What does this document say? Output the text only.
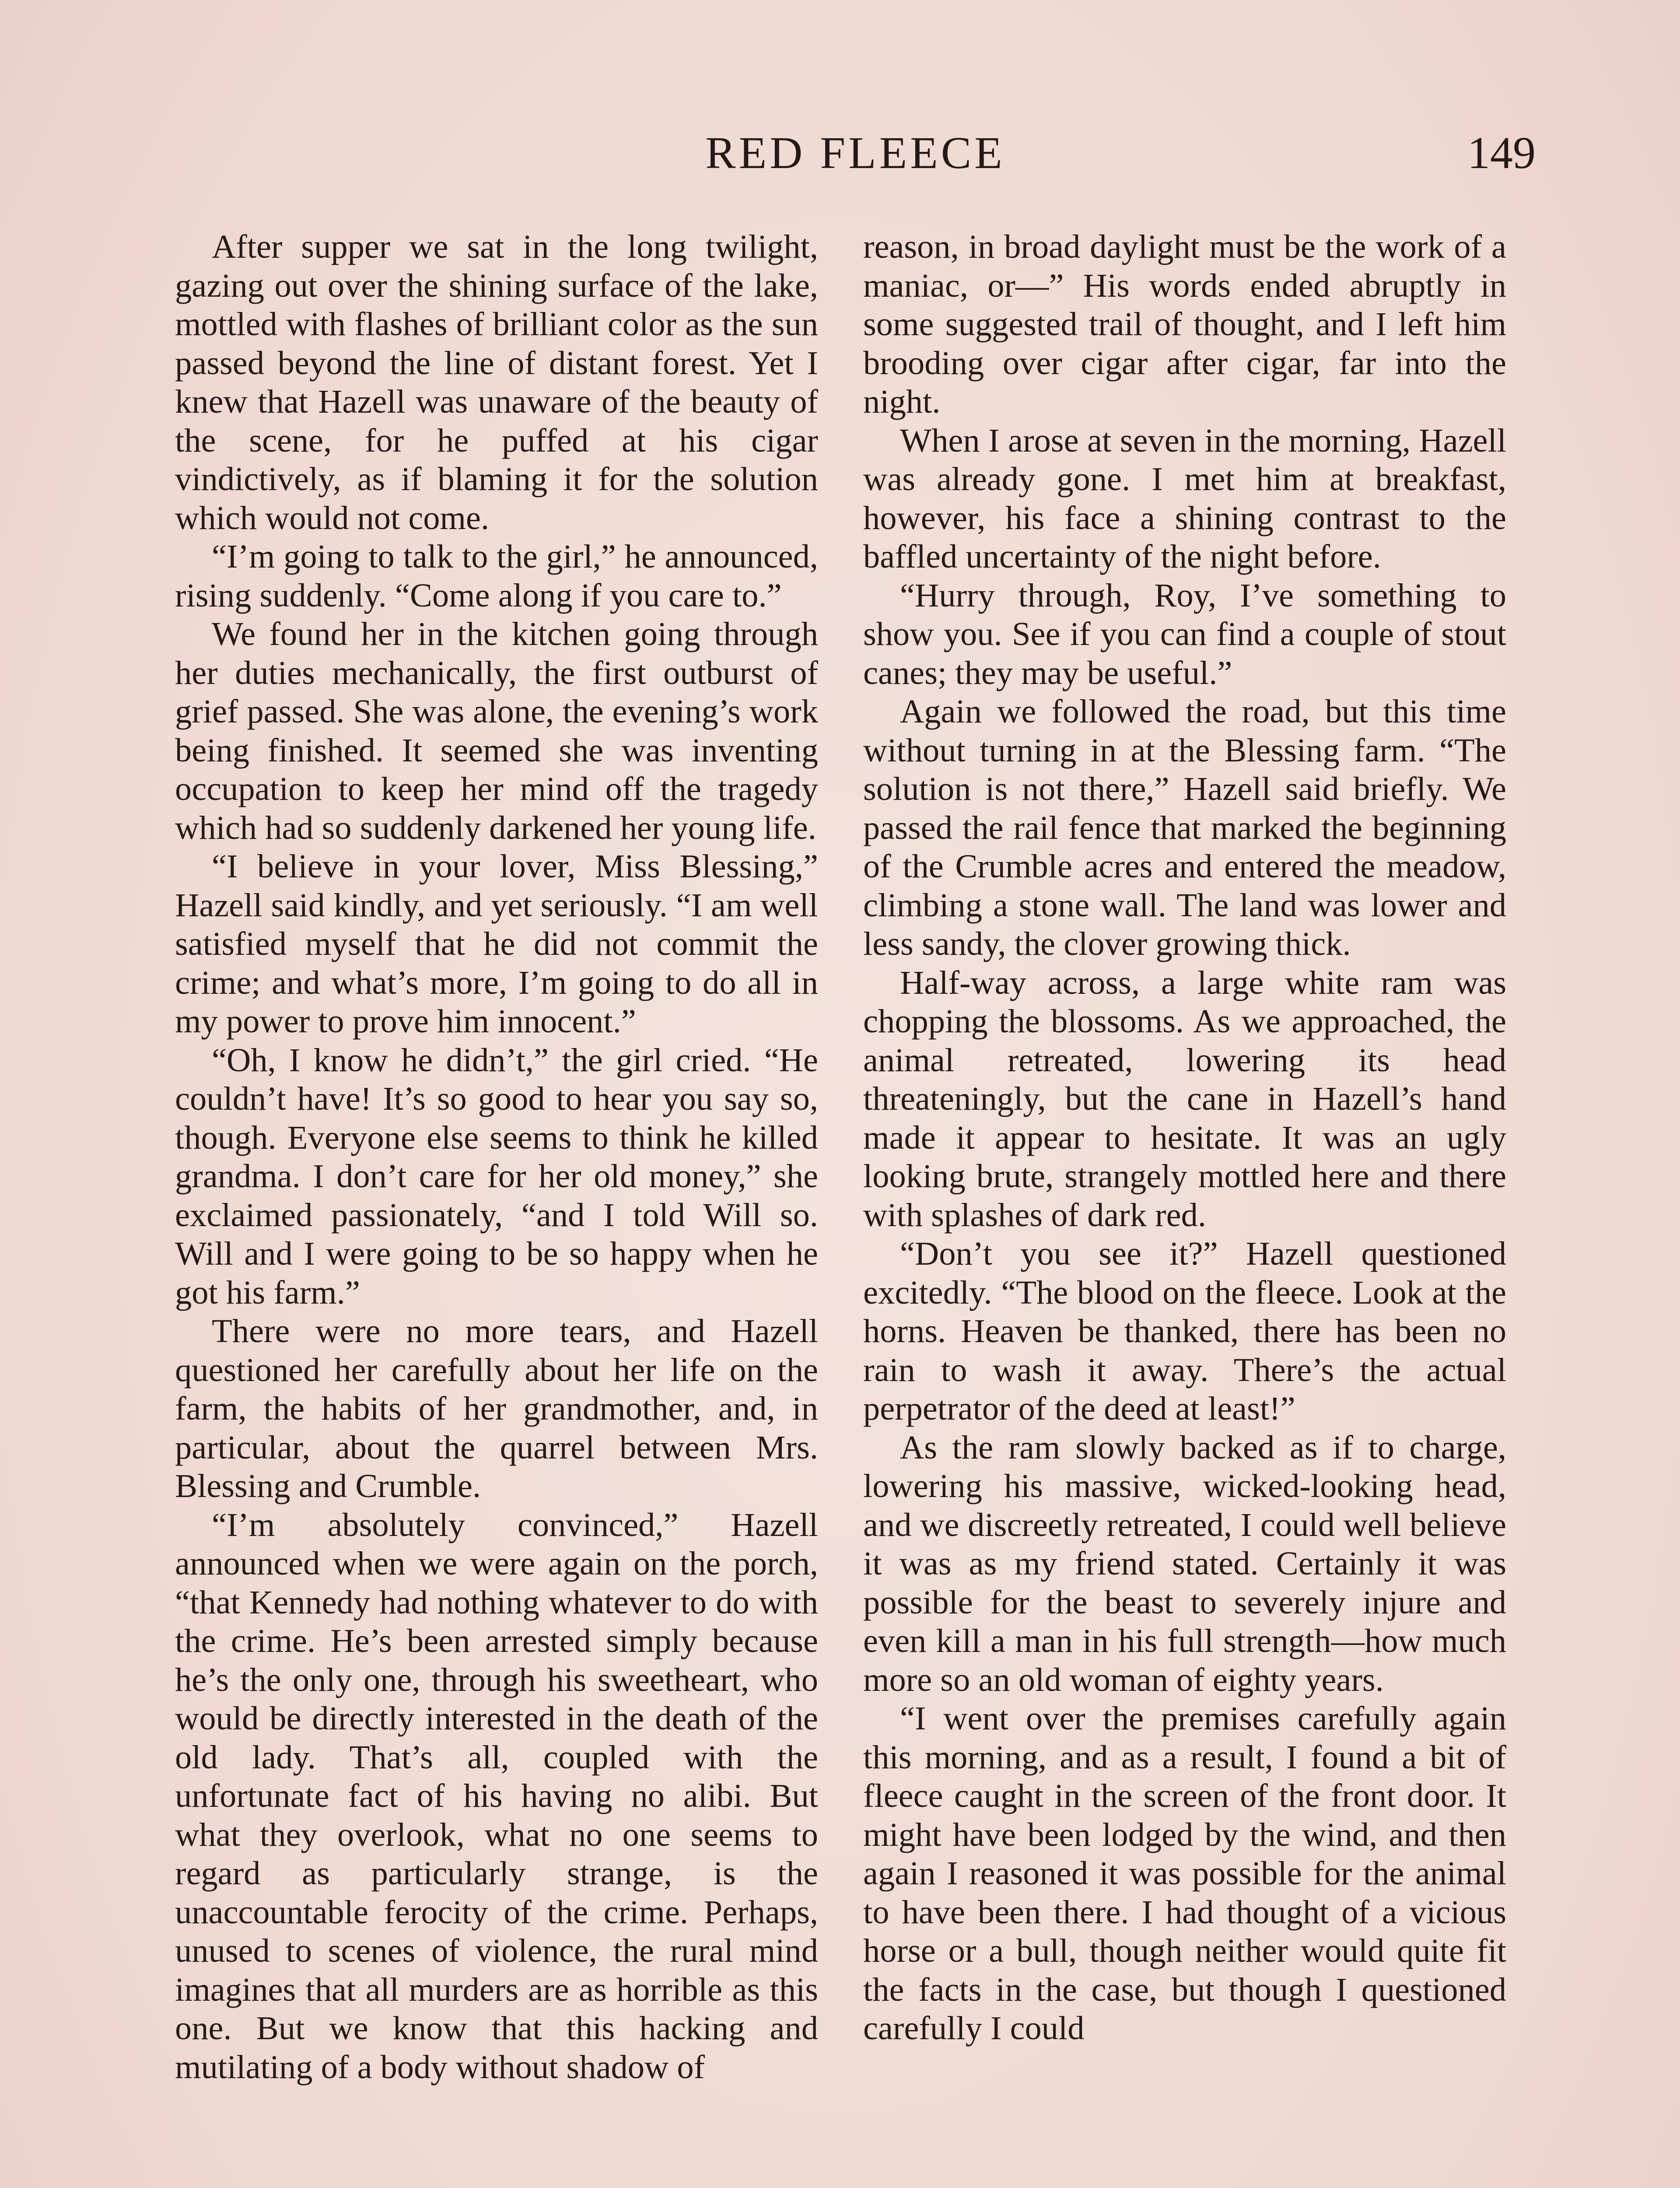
RED FLEECE	149

After supper we sat in the long twilight, gazing out over the shining surface of the lake, mottled with flashes of brilliant color as the sun passed beyond the line of distant forest. Yet I knew that Hazell was unaware of the beauty of the scene, for he puffed at his cigar vindictively, as if blaming it for the solution which would not come.

“I’m going to talk to the girl,” he announced, rising suddenly. “Come along if you care to.”

We found her in the kitchen going through her duties mechanically, the first outburst of grief passed. She was alone, the evening’s work being finished. It seemed she was inventing occupation to keep her mind off the tragedy which had so suddenly darkened her young life.

“I believe in your lover, Miss Blessing,” Hazell said kindly, and yet seriously. “I am well satisfied myself that he did not commit the crime; and what’s more, I’m going to do all in my power to prove him innocent.”

“Oh, I know he didn’t,” the girl cried. “He couldn’t have! It’s so good to hear you say so, though. Everyone else seems to think he killed grandma. I don’t care for her old money,” she exclaimed passionately, “and I told Will so. Will and I were going to be so happy when he got his farm.”

There were no more tears, and Hazell questioned her carefully about her life on the farm, the habits of her grandmother, and, in particular, about the quarrel between Mrs. Blessing and Crumble.

“I’m absolutely convinced,” Hazell announced when we were again on the porch, “that Kennedy had nothing whatever to do with the crime. He’s been arrested simply because he’s the only one, through his sweetheart, who would be directly interested in the death of the old lady. That’s all, coupled with the unfortunate fact of his having no alibi. But what they overlook, what no one seems to regard as particularly strange, is the unaccountable ferocity of the crime. Perhaps, unused to scenes of violence, the rural mind imagines that all murders are as horrible as this one. But we know that this hacking and mutilating of a body without shadow of

reason, in broad daylight must be the work of a maniac, or—” His words ended abruptly in some suggested trail of thought, and I left him brooding over cigar after cigar, far into the night.

When I arose at seven in the morning, Hazell was already gone. I met him at breakfast, however, his face a shining contrast to the baffled uncertainty of the night before.

“Hurry through, Roy, I’ve something to show you. See if you can find a couple of stout canes; they may be useful.”

Again we followed the road, but this time without turning in at the Blessing farm. “The solution is not there,” Hazell said briefly. We passed the rail fence that marked the beginning of the Crumble acres and entered the meadow, climbing a stone wall. The land was lower and less sandy, the clover growing thick.

Half-way across, a large white ram was chopping the blossoms. As we approached, the animal retreated, lowering its head threateningly, but the cane in Hazell’s hand made it appear to hesitate. It was an ugly looking brute, strangely mottled here and there with splashes of dark red.

“Don’t you see it?” Hazell questioned excitedly. “The blood on the fleece. Look at the horns. Heaven be thanked, there has been no rain to wash it away. There’s the actual perpetrator of the deed at least!”

As the ram slowly backed as if to charge, lowering his massive, wicked-looking head, and we discreetly retreated, I could well believe it was as my friend stated. Certainly it was possible for the beast to severely injure and even kill a man in his full strength—how much more so an old woman of eighty years.

“I went over the premises carefully again this morning, and as a result, I found a bit of fleece caught in the screen of the front door. It might have been lodged by the wind, and then again I reasoned it was possible for the animal to have been there. I had thought of a vicious horse or a bull, though neither would quite fit the facts in the case, but though I questioned carefully I could
